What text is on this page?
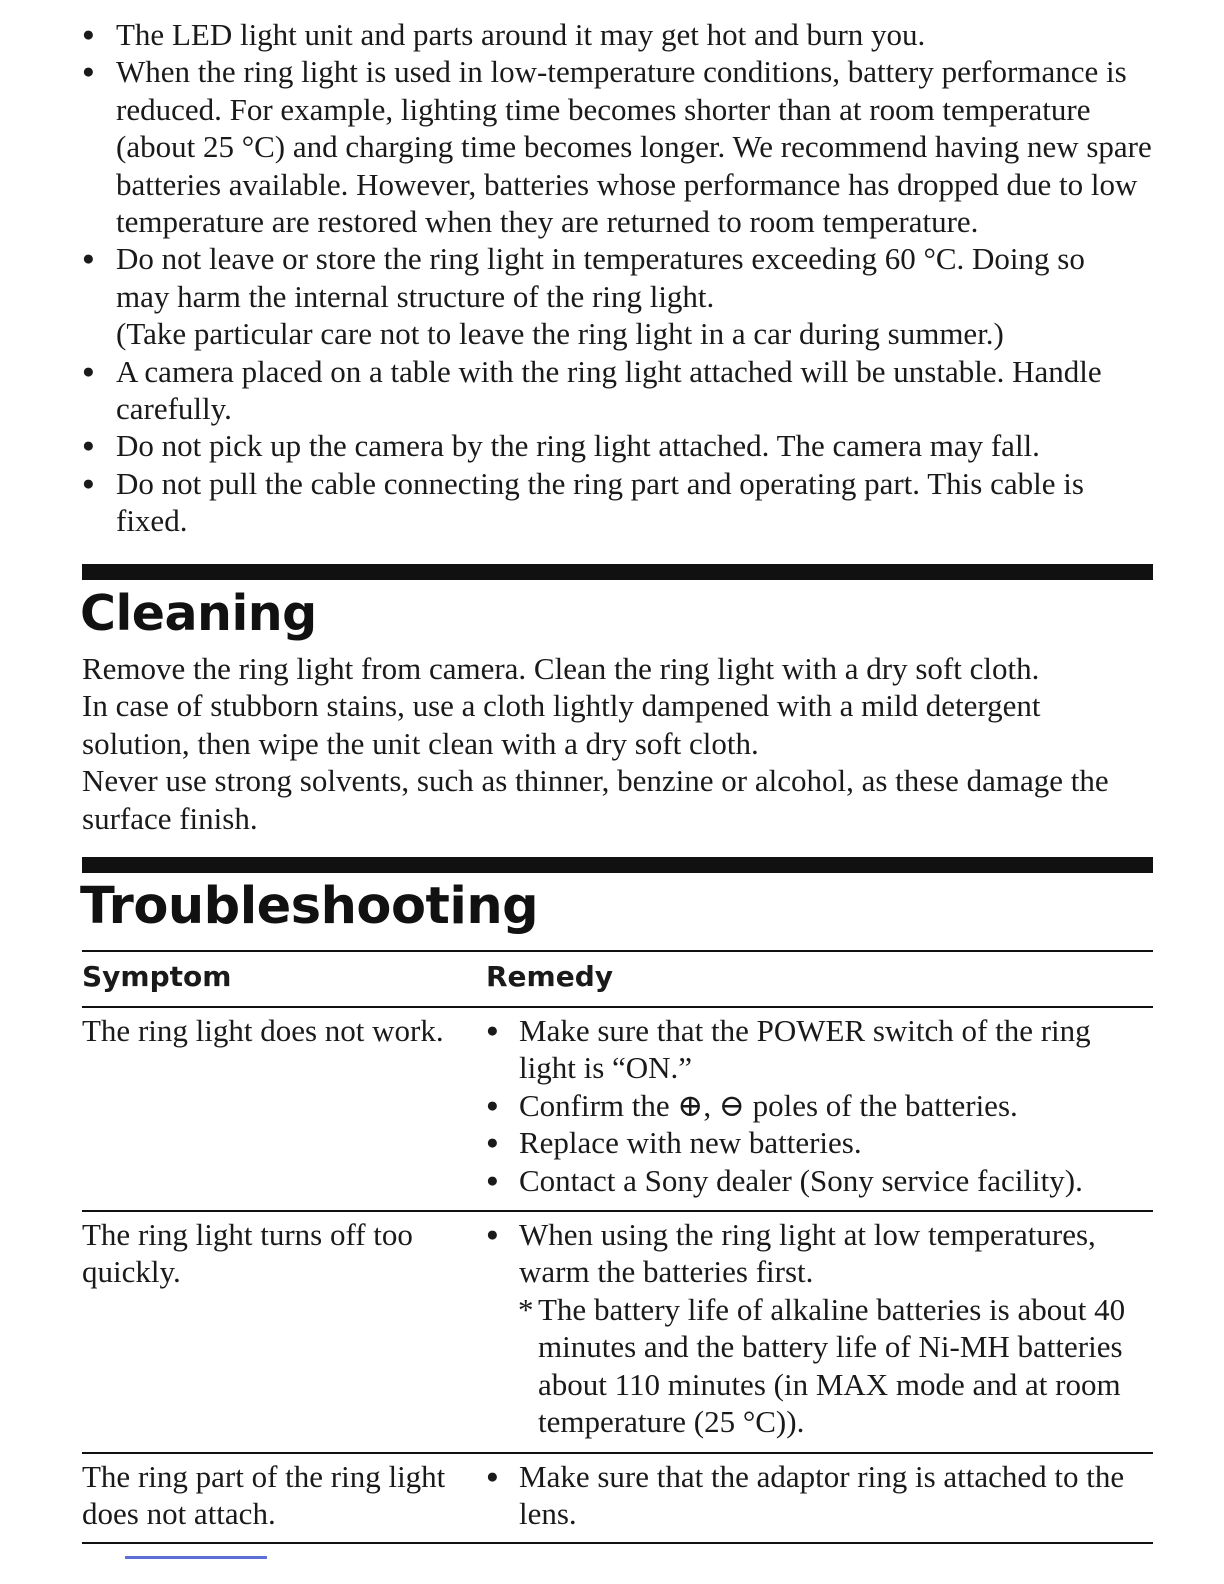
● The LED light unit and parts around it may get hot and burn you.
● When the ring light is used in low-temperature conditions, battery performance is reduced. For example, lighting time becomes shorter than at room temperature (about 25 °C) and charging time becomes longer. We recommend having new spare batteries available. However, batteries whose performance has dropped due to low temperature are restored when they are returned to room temperature.
● Do not leave or store the ring light in temperatures exceeding 60 °C. Doing so may harm the internal structure of the ring light.
(Take particular care not to leave the ring light in a car during summer.)
● A camera placed on a table with the ring light attached will be unstable. Handle carefully.
● Do not pick up the camera by the ring light attached. The camera may fall.
● Do not pull the cable connecting the ring part and operating part. This cable is fixed.
Cleaning

Remove the ring light from camera. Clean the ring light with a dry soft cloth.
In case of stubborn stains, use a cloth lightly dampened with a mild detergent solution, then wipe the unit clean with a dry soft cloth.
Never use strong solvents, such as thinner, benzine or alcohol, as these damage the surface finish.

Troubleshooting
Symptom	Remedy

The ring light does not work.

●	Make sure that the POWER switch of the ring light is “ON.”
● Confirm the ⊕, ⊖ poles of the batteries.
● Replace with new batteries.
● Contact a Sony dealer (Sony service facility).

The ring light turns off too quickly.

● When using the ring light at low temperatures, warm the batteries first.
* The battery life of alkaline batteries is about 40 minutes and the battery life of Ni-MH batteries about 110 minutes (in MAX mode and at room temperature (25 °C)).

The ring part of the ring light does not attach.

● Make sure that the adaptor ring is attached to the lens.
